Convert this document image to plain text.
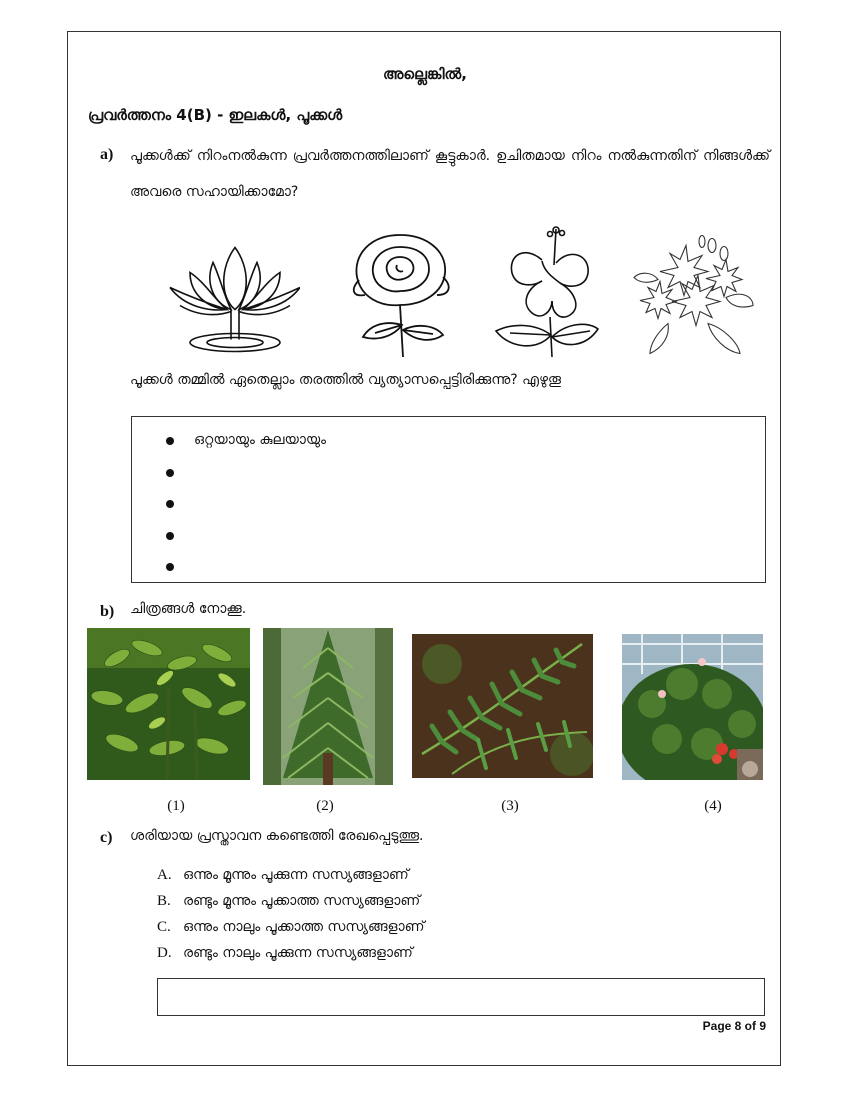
അല്ലെങ്കിൽ,
പ്രവർത്തനം 4(B) - ഇലകൾ, പൂക്കൾ
a) പൂക്കൾക്ക് നിറംനൽകുന്ന പ്രവർത്തനത്തിലാണ് കൂട്ടുകാർ. ഉചിതമായ നിറം നൽകുന്നതിന് നിങ്ങൾക്ക് അവരെ സഹായിക്കാമോ?
പൂക്കൾ തമ്മിൽ ഏതെല്ലാം തരത്തിൽ വ്യത്യാസപ്പെട്ടിരിക്കുന്നു? എഴുതൂ
ഒറ്റയായും കുലയായും
b) ചിത്രങ്ങൾ നോക്കൂ.
(1)	(2)	(3)	(4)
c) ശരിയായ പ്രസ്താവന കണ്ടെത്തി രേഖപ്പെടുത്തൂ.
A. ഒന്നും മൂന്നും പൂക്കുന്ന സസ്യങ്ങളാണ്
B. രണ്ടും മൂന്നും പൂക്കാത്ത സസ്യങ്ങളാണ്
C. ഒന്നും നാലും പൂക്കാത്ത സസ്യങ്ങളാണ്
D. രണ്ടും നാലും പൂക്കുന്ന സസ്യങ്ങളാണ്
Page 8 of 9
